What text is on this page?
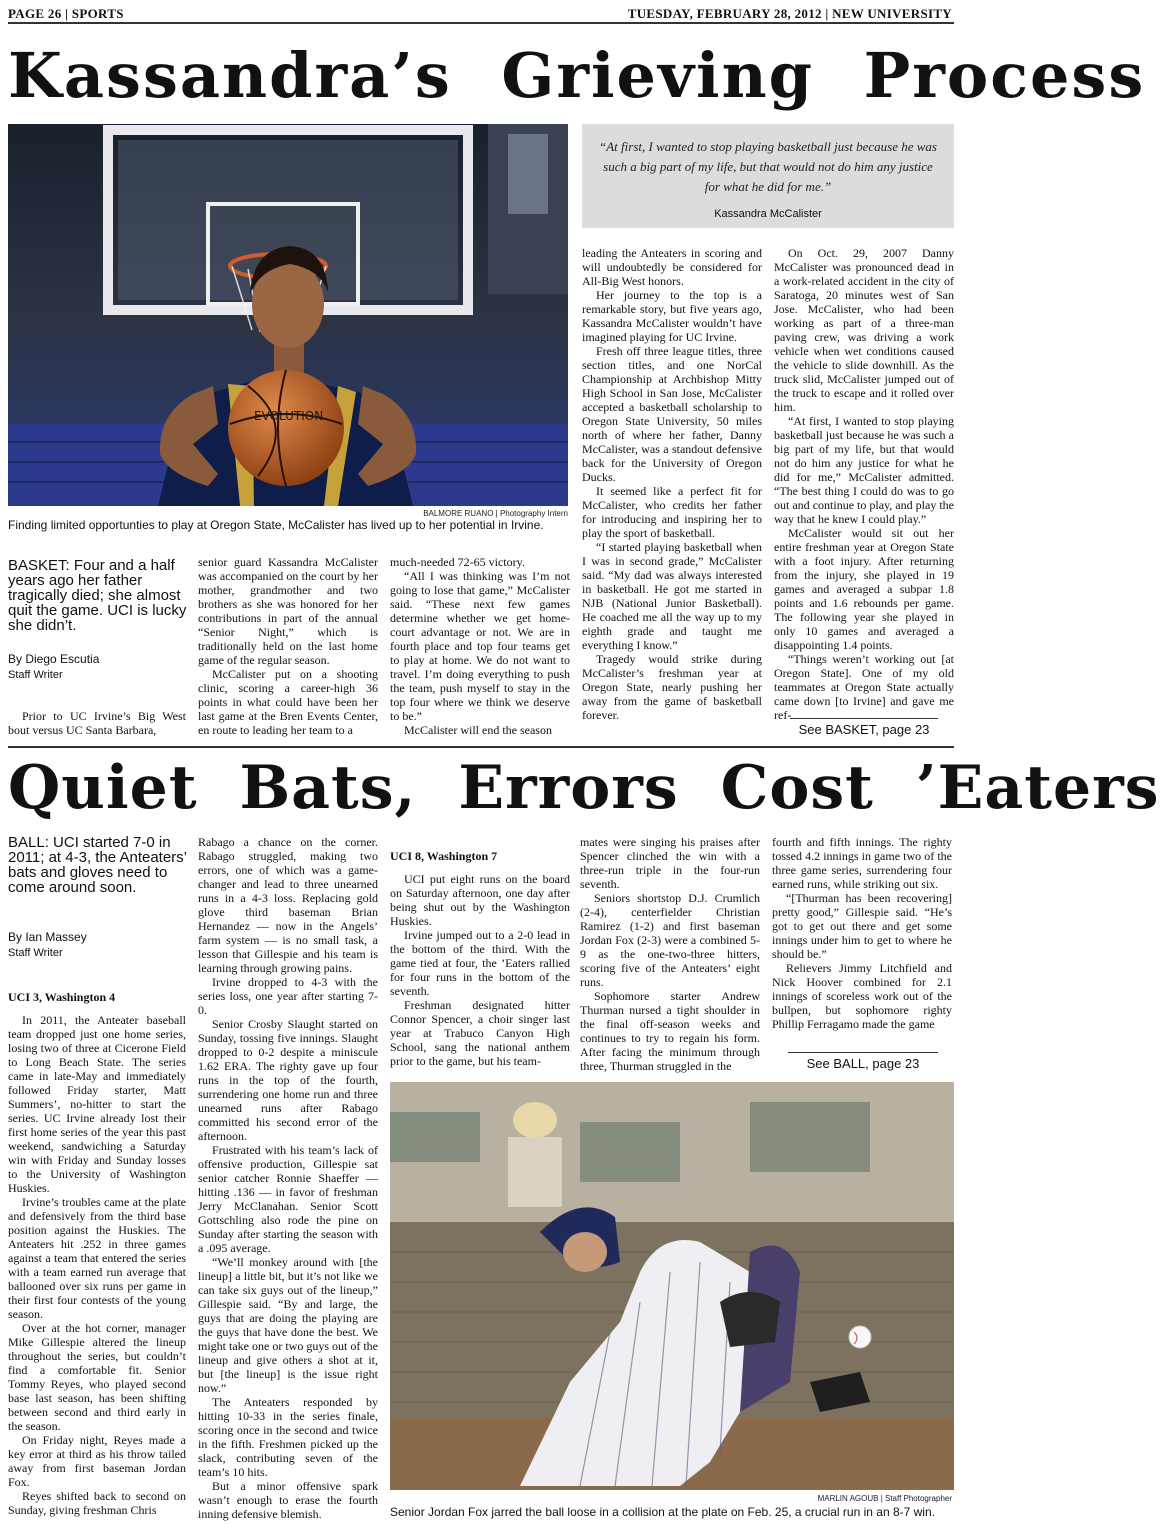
PAGE 26 | SPORTS	TUESDAY, FEBRUARY 28, 2012 | NEW UNIVERSITY
Kassandra’s Grieving Process
EVOLUTION
BALMORE RUANO | Photography Intern
Finding limited opportunties to play at Oregon State, McCalister has lived up to her potential in Irvine.
“At first, I wanted to stop playing basketball just because he was such a big part of my life, but that would not do him any justice for what he did for me.”
Kassandra McCalister
BASKET: Four and a half years ago her father tragically died; she almost quit the game. UCI is lucky she didn’t.
By Diego Escutia
Staff Writer

Prior to UC Irvine’s Big West bout versus UC Santa Barbara,

senior guard Kassandra McCalister was accompanied on the court by her mother, grandmother and two brothers as she was honored for her contributions in part of the annual “Senior Night,” which is traditionally held on the last home game of the regular season.

McCalister put on a shooting clinic, scoring a career-high 36 points in what could have been her last game at the Bren Events Center, en route to leading her team to a

much-needed 72-65 victory.

“All I was thinking was I’m not going to lose that game,” McCalister said. “These next few games determine whether we get home-court advantage or not. We are in fourth place and top four teams get to play at home. We do not want to travel. I’m doing everything to push the team, push myself to stay in the top four where we think we deserve to be.”

McCalister will end the season

leading the Anteaters in scoring and will undoubtedly be considered for All-Big West honors.

Her journey to the top is a remarkable story, but five years ago, Kassandra McCalister wouldn’t have imagined playing for UC Irvine.

Fresh off three league titles, three section titles, and one NorCal Championship at Archbishop Mitty High School in San Jose, McCalister accepted a basketball scholarship to Oregon State University, 50 miles north of where her father, Danny McCalister, was a standout defensive back for the University of Oregon Ducks.

It seemed like a perfect fit for McCalister, who credits her father for introducing and inspiring her to play the sport of basketball.

“I started playing basketball when I was in second grade,” McCalister said. “My dad was always interested in basketball. He got me started in NJB (National Junior Basketball). He coached me all the way up to my eighth grade and taught me everything I know.”

Tragedy would strike during McCalister’s freshman year at Oregon State, nearly pushing her away from the game of basketball forever.

On Oct. 29, 2007 Danny McCalister was pronounced dead in a work-related accident in the city of Saratoga, 20 minutes west of San Jose. McCalister, who had been working as part of a three-man paving crew, was driving a work vehicle when wet conditions caused the vehicle to slide downhill. As the truck slid, McCalister jumped out of the truck to escape and it rolled over him.

“At first, I wanted to stop playing basketball just because he was such a big part of my life, but that would not do him any justice for what he did for me,” McCalister admitted. “The best thing I could do was to go out and continue to play, and play the way that he knew I could play.”

McCalister would sit out her entire freshman year at Oregon State with a foot injury. After returning from the injury, she played in 19 games and averaged a subpar 1.8 points and 1.6 rebounds per game. The following year she played in only 10 games and averaged a disappointing 1.4 points.

“Things weren’t working out [at Oregon State]. One of my old teammates at Oregon State actually came down [to Irvine] and gave me ref-

See BASKET, page 23
Quiet Bats, Errors Cost ’Eaters
BALL: UCI started 7-0 in 2011; at 4-3, the Anteaters’ bats and gloves need to come around soon.
By Ian Massey
Staff Writer

UCI 3, Washington 4

In 2011, the Anteater baseball team dropped just one home series, losing two of three at Cicerone Field to Long Beach State. The series came in late-May and immediately followed Friday starter, Matt Summers’, no-hitter to start the series. UC Irvine already lost their first home series of the year this past weekend, sandwiching a Saturday win with Friday and Sunday losses to the University of Washington Huskies.

Irvine’s troubles came at the plate and defensively from the third base position against the Huskies. The Anteaters hit .252 in three games against a team that entered the series with a team earned run average that ballooned over six runs per game in their first four contests of the young season.

Over at the hot corner, manager Mike Gillespie altered the lineup throughout the series, but couldn’t find a comfortable fit. Senior Tommy Reyes, who played second base last season, has been shifting between second and third early in the season.

On Friday night, Reyes made a key error at third as his throw tailed away from first baseman Jordan Fox.

Reyes shifted back to second on Sunday, giving freshman Chris

Rabago a chance on the corner. Rabago struggled, making two errors, one of which was a game-changer and lead to three unearned runs in a 4-3 loss. Replacing gold glove third baseman Brian Hernandez — now in the Angels’ farm system — is no small task, a lesson that Gillespie and his team is learning through growing pains.

Irvine dropped to 4-3 with the series loss, one year after starting 7-0.

Senior Crosby Slaught started on Sunday, tossing five innings. Slaught dropped to 0-2 despite a miniscule 1.62 ERA. The righty gave up four runs in the top of the fourth, surrendering one home run and three unearned runs after Rabago committed his second error of the afternoon.

Frustrated with his team’s lack of offensive production, Gillespie sat senior catcher Ronnie Shaeffer — hitting .136 — in favor of freshman Jerry McClanahan. Senior Scott Gottschling also rode the pine on Sunday after starting the season with a .095 average.

“We’ll monkey around with [the lineup] a little bit, but it’s not like we can take six guys out of the lineup,” Gillespie said. “By and large, the guys that are doing the playing are the guys that have done the best. We might take one or two guys out of the lineup and give others a shot at it, but [the lineup] is the issue right now.”

The Anteaters responded by hitting 10-33 in the series finale, scoring once in the second and twice in the fifth. Freshmen picked up the slack, contributing seven of the team’s 10 hits.

But a minor offensive spark wasn’t enough to erase the fourth inning defensive blemish.

UCI 8, Washington 7

UCI put eight runs on the board on Saturday afternoon, one day after being shut out by the Washington Huskies.

Irvine jumped out to a 2-0 lead in the bottom of the third. With the game tied at four, the ’Eaters rallied for four runs in the bottom of the seventh.

Freshman designated hitter Connor Spencer, a choir singer last year at Trabuco Canyon High School, sang the national anthem prior to the game, but his team-

mates were singing his praises after Spencer clinched the win with a three-run triple in the four-run seventh.

Seniors shortstop D.J. Crumlich (2-4), centerfielder Christian Ramirez (1-2) and first baseman Jordan Fox (2-3) were a combined 5-9 as the one-two-three hitters, scoring five of the Anteaters’ eight runs.

Sophomore starter Andrew Thurman nursed a tight shoulder in the final off-season weeks and continues to try to regain his form. After facing the minimum through three, Thurman struggled in the

fourth and fifth innings. The righty tossed 4.2 innings in game two of the three game series, surrendering four earned runs, while striking out six.

“[Thurman has been recovering] pretty good,” Gillespie said. “He’s got to get out there and get some innings under him to get to where he should be.”

Relievers Jimmy Litchfield and Nick Hoover combined for 2.1 innings of scoreless work out of the bullpen, but sophomore righty Phillip Ferragamo made the game

See BALL, page 23
MARLIN AGOUB | Staff Photographer
Senior Jordan Fox jarred the ball loose in a collision at the plate on Feb. 25, a crucial run in an 8-7 win.
